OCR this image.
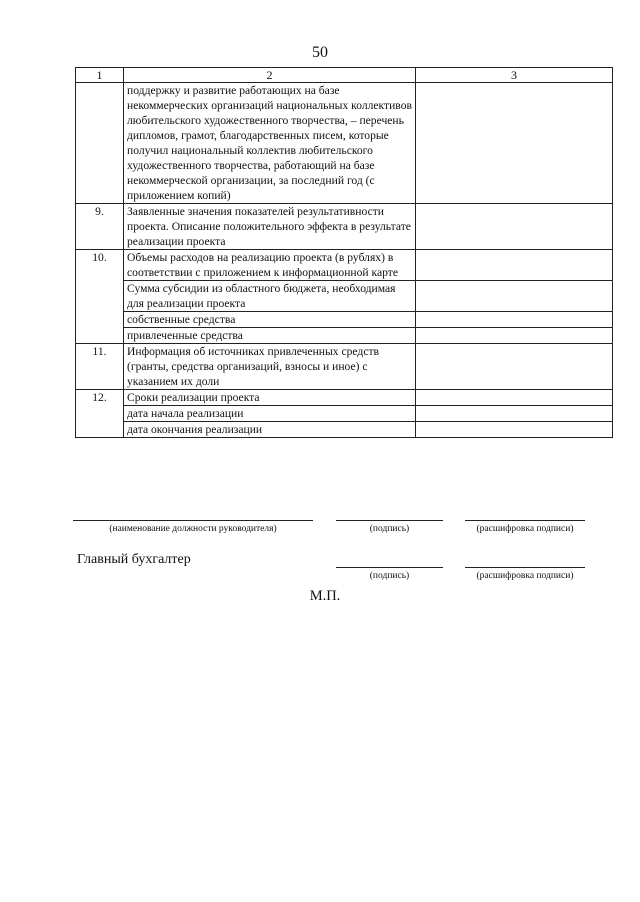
50
1	2	3
	поддержку и развитие работающих на базе некоммерческих организаций национальных коллективов любительского художественного творчества, – перечень дипломов, грамот, благодарственных писем, которые получил национальный коллектив любительского художественного творчества, работающий на базе некоммерческой организации, за последний год (с приложением копий)	
9.	Заявленные значения показателей результативности проекта. Описание положительного эффекта в результате реализации проекта	
10.	Объемы расходов на реализацию проекта (в рублях) в соответствии с приложением к информационной карте	
	Сумма субсидии из областного бюджета, необходимая для реализации проекта	
	собственные средства	
	привлеченные средства	
11.	Информация об источниках привлеченных средств (гранты, средства организаций, взносы и иное) с указанием их доли	
12.	Сроки реализации проекта	
	дата начала реализации	
	дата окончания реализации	
(наименование должности руководителя)	(подпись)	(расшифровка подписи)
Главный бухгалтер
(подпись)	(расшифровка подписи)
М.П.
